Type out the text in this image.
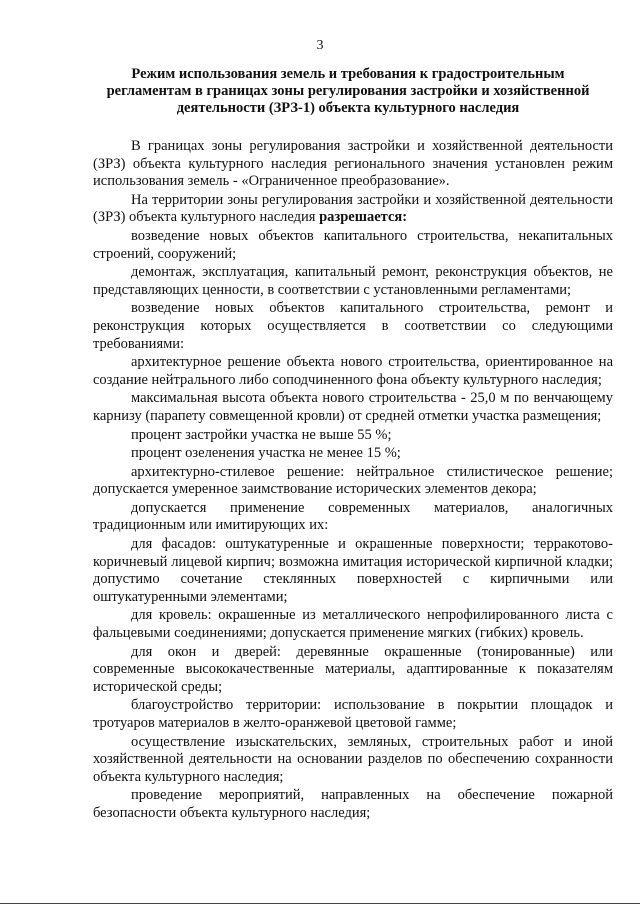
3
Режим использования земель и требования к градостроительным
регламентам в границах зоны регулирования застройки и хозяйственной
деятельности (ЗРЗ-1) объекта культурного наследия

В границах зоны регулирования застройки и хозяйственной деятельности (ЗРЗ) объекта культурного наследия регионального значения установлен режим использования земель - «Ограниченное преобразование».

На территории зоны регулирования застройки и хозяйственной деятельности (ЗРЗ) объекта культурного наследия разрешается:

возведение новых объектов капитального строительства, некапитальных строений, сооружений;

демонтаж, эксплуатация, капитальный ремонт, реконструкция объектов, не представляющих ценности, в соответствии с установленными регламентами;

возведение новых объектов капитального строительства, ремонт и реконструкция которых осуществляется в соответствии со следующими требованиями:

архитектурное решение объекта нового строительства, ориентированное на создание нейтрального либо соподчиненного фона объекту культурного наследия;

максимальная высота объекта нового строительства - 25,0 м по венчающему карнизу (парапету совмещенной кровли) от средней отметки участка размещения;

процент застройки участка не выше 55 %;

процент озеленения участка не менее 15 %;

архитектурно-стилевое решение: нейтральное стилистическое решение; допускается умеренное заимствование исторических элементов декора;

допускается применение современных материалов, аналогичных традиционным или имитирующих их:

для фасадов: оштукатуренные и окрашенные поверхности; терракотово-коричневый лицевой кирпич; возможна имитация исторической кирпичной кладки; допустимо сочетание стеклянных поверхностей с кирпичными или оштукатуренными элементами;

для кровель: окрашенные из металлического непрофилированного листа с фальцевыми соединениями; допускается применение мягких (гибких) кровель.

для окон и дверей: деревянные окрашенные (тонированные) или современные высококачественные материалы, адаптированные к показателям исторической среды;

благоустройство территории: использование в покрытии площадок и тротуаров материалов в желто-оранжевой цветовой гамме;

осуществление изыскательских, земляных, строительных работ и иной хозяйственной деятельности на основании разделов по обеспечению сохранности объекта культурного наследия;

проведение мероприятий, направленных на обеспечение пожарной безопасности объекта культурного наследия;
